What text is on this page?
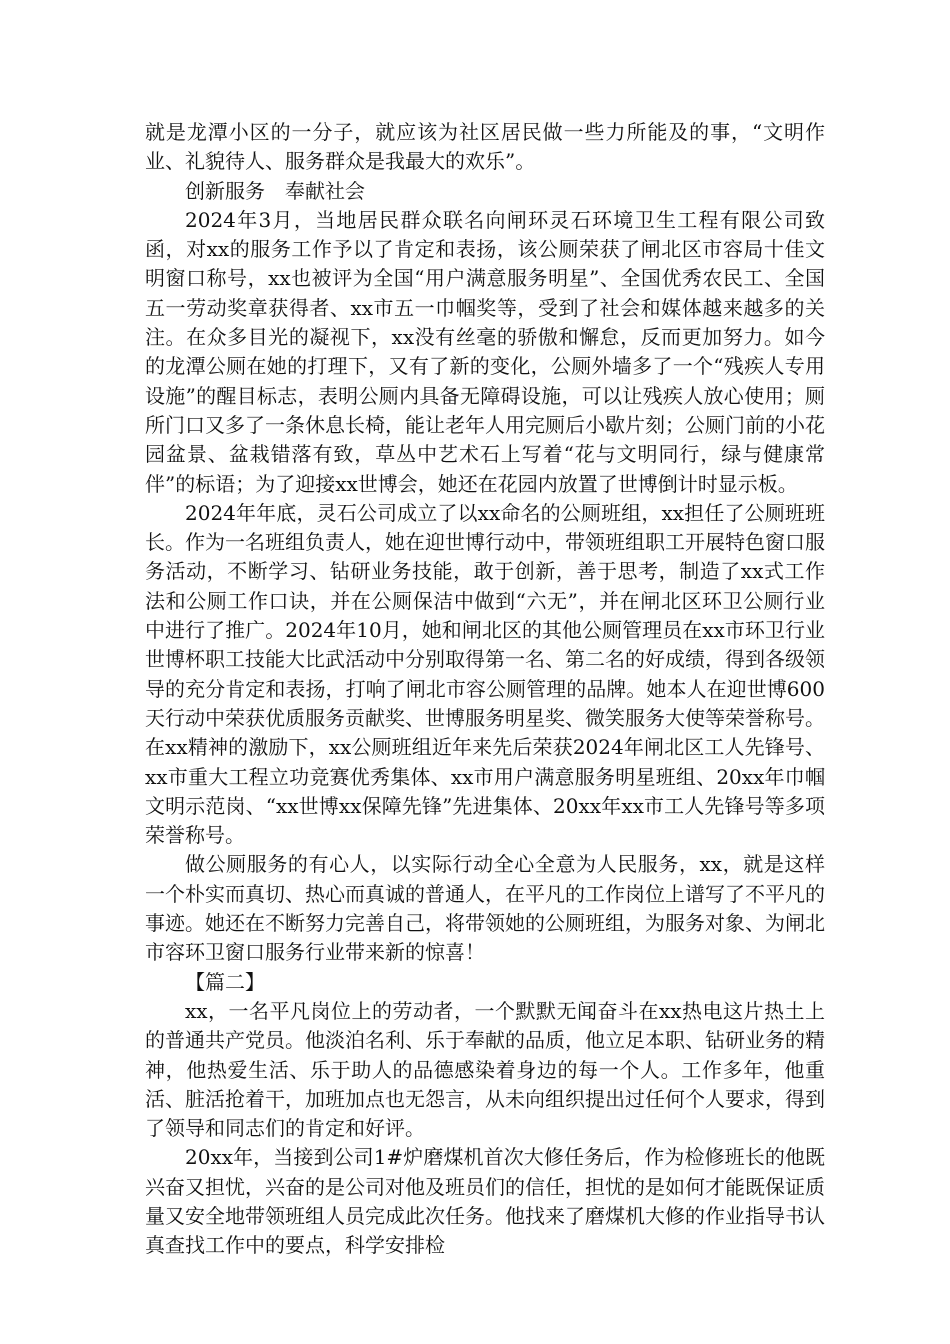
就是龙潭小区的一分子，就应该为社区居民做一些力所能及的事，“文明作业、礼貌待人、服务群众是我最大的欢乐”。

创新服务　奉献社会

2024年3月，当地居民群众联名向闸环灵石环境卫生工程有限公司致函，对xx的服务工作予以了肯定和表扬，该公厕荣获了闸北区市容局十佳文明窗口称号，xx也被评为全国“用户满意服务明星”、全国优秀农民工、全国五一劳动奖章获得者、xx市五一巾帼奖等，受到了社会和媒体越来越多的关注。在众多目光的凝视下，xx没有丝毫的骄傲和懈怠，反而更加努力。如今的龙潭公厕在她的打理下，又有了新的变化，公厕外墙多了一个“残疾人专用设施”的醒目标志，表明公厕内具备无障碍设施，可以让残疾人放心使用；厕所门口又多了一条休息长椅，能让老年人用完厕后小歇片刻；公厕门前的小花园盆景、盆栽错落有致，草丛中艺术石上写着“花与文明同行，绿与健康常伴”的标语；为了迎接xx世博会，她还在花园内放置了世博倒计时显示板。

2024年年底，灵石公司成立了以xx命名的公厕班组，xx担任了公厕班班长。作为一名班组负责人，她在迎世博行动中，带领班组职工开展特色窗口服务活动，不断学习、钻研业务技能，敢于创新，善于思考，制造了xx式工作法和公厕工作口诀，并在公厕保洁中做到“六无”，并在闸北区环卫公厕行业中进行了推广。2024年10月，她和闸北区的其他公厕管理员在xx市环卫行业世博杯职工技能大比武活动中分别取得第一名、第二名的好成绩，得到各级领导的充分肯定和表扬，打响了闸北市容公厕管理的品牌。她本人在迎世博600天行动中荣获优质服务贡献奖、世博服务明星奖、微笑服务大使等荣誉称号。在xx精神的激励下，xx公厕班组近年来先后荣获2024年闸北区工人先锋号、xx市重大工程立功竞赛优秀集体、xx市用户满意服务明星班组、20xx年巾帼文明示范岗、“xx世博xx保障先锋”先进集体、20xx年xx市工人先锋号等多项荣誉称号。

做公厕服务的有心人，以实际行动全心全意为人民服务，xx，就是这样一个朴实而真切、热心而真诚的普通人，在平凡的工作岗位上谱写了不平凡的事迹。她还在不断努力完善自己，将带领她的公厕班组，为服务对象、为闸北市容环卫窗口服务行业带来新的惊喜！

【篇二】

xx，一名平凡岗位上的劳动者，一个默默无闻奋斗在xx热电这片热土上的普通共产党员。他淡泊名利、乐于奉献的品质，他立足本职、钻研业务的精神，他热爱生活、乐于助人的品德感染着身边的每一个人。工作多年，他重活、脏活抢着干，加班加点也无怨言，从未向组织提出过任何个人要求，得到了领导和同志们的肯定和好评。

20xx年，当接到公司1#炉磨煤机首次大修任务后，作为检修班长的他既兴奋又担忧，兴奋的是公司对他及班员们的信任，担忧的是如何才能既保证质量又安全地带领班组人员完成此次任务。他找来了磨煤机大修的作业指导书认真查找工作中的要点，科学安排检
